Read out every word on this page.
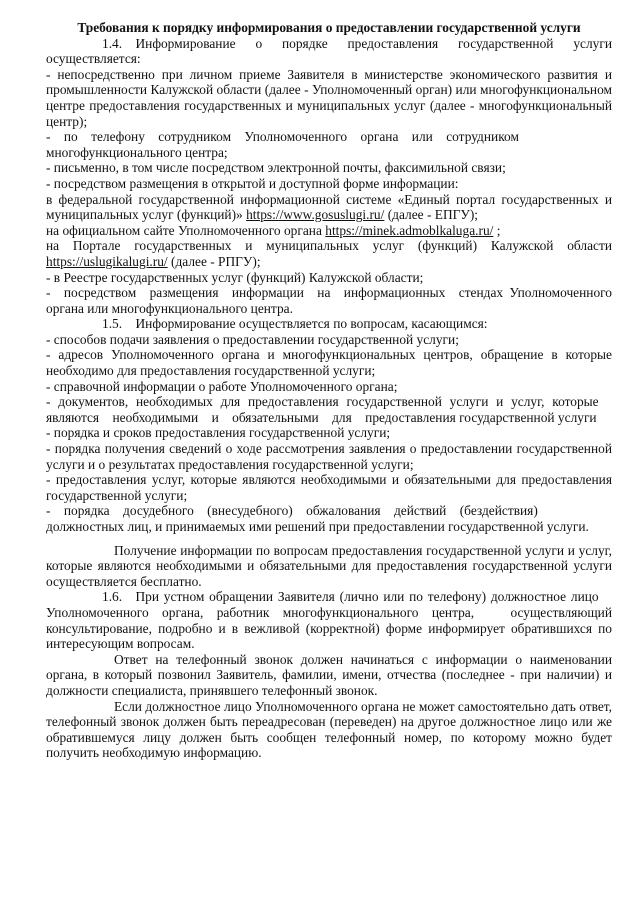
Требования к порядку информирования о предоставлении государственной услуги

1.4. Информирование о порядке предоставления государственной услуги осуществляется:

- непосредственно при личном приеме Заявителя в министерстве экономического развития и промышленности Калужской области (далее - Уполномоченный орган) или многофункциональном центре предоставления государственных и муниципальных услуг (далее - многофункциональный центр);

- по телефону сотрудником Уполномоченного органа или сотрудником многофункционального центра;

- письменно, в том числе посредством электронной почты, факсимильной связи;

- посредством размещения в открытой и доступной форме информации:

в федеральной государственной информационной системе «Единый портал государственных и муниципальных услуг (функций)» https://www.gosuslugi.ru/ (далее - ЕПГУ);

на официальном сайте Уполномоченного органа https://minek.admoblkaluga.ru/ ;

на Портале государственных и муниципальных услуг (функций) Калужской области https://uslugikalugi.ru/ (далее - РПГУ);

- в Реестре государственных услуг (функций) Калужской области;

- посредством размещения информации на информационных стендах Уполномоченного органа или многофункционального центра.

1.5. Информирование осуществляется по вопросам, касающимся:

- способов подачи заявления о предоставлении государственной услуги;

- адресов Уполномоченного органа и многофункциональных центров, обращение в которые необходимо для предоставления государственной услуги;

- справочной информации о работе Уполномоченного органа;

- документов, необходимых для предоставления государственной услуги и услуг, которые являются необходимыми и обязательными для предоставления государственной услуги

- порядка и сроков предоставления государственной услуги;

- порядка получения сведений о ходе рассмотрения заявления о предоставлении государственной услуги и о результатах предоставления государственной услуги;

- предоставления услуг, которые являются необходимыми и обязательными для предоставления государственной услуги;

- порядка досудебного (внесудебного) обжалования действий (бездействия) должностных лиц, и принимаемых ими решений при предоставлении государственной услуги.

Получение информации по вопросам предоставления государственной услуги и услуг, которые являются необходимыми и обязательными для предоставления государственной услуги осуществляется бесплатно.

1.6. При устном обращении Заявителя (лично или по телефону) должностное лицо Уполномоченного органа, работник многофункционального центра, осуществляющий консультирование, подробно и в вежливой (корректной) форме информирует обратившихся по интересующим вопросам.

Ответ на телефонный звонок должен начинаться с информации о наименовании органа, в который позвонил Заявитель, фамилии, имени, отчества (последнее - при наличии) и должности специалиста, принявшего телефонный звонок.

Если должностное лицо Уполномоченного органа не может самостоятельно дать ответ, телефонный звонок должен быть переадресован (переведен) на другое должностное лицо или же обратившемуся лицу должен быть сообщен телефонный номер, по которому можно будет получить необходимую информацию.
